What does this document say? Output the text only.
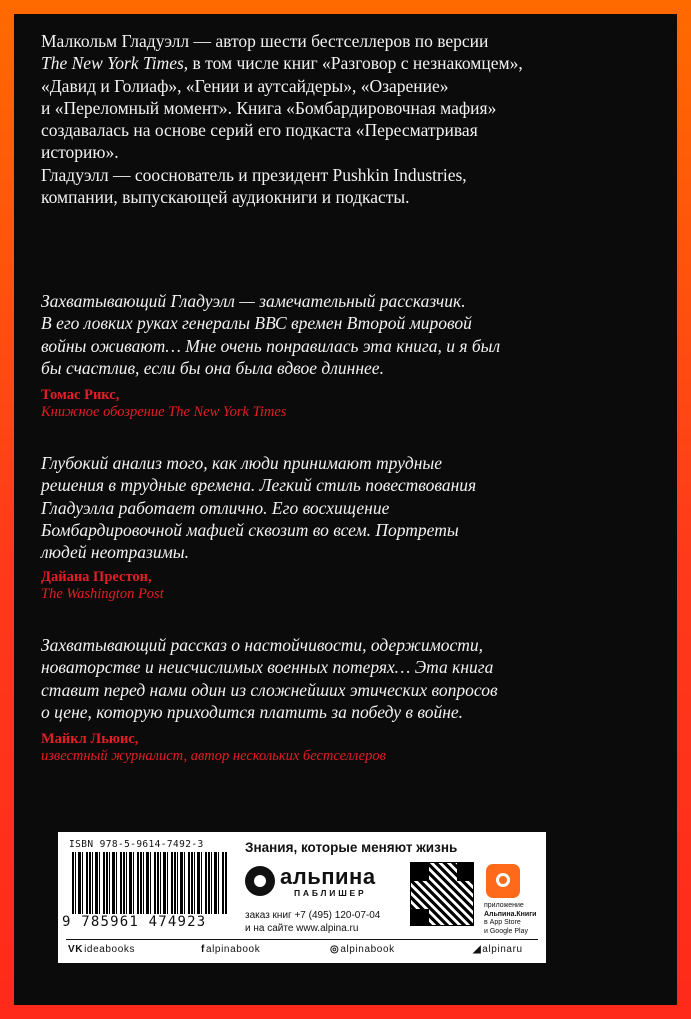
Малкольм Гладуэлл — автор шести бестселлеров по версии
The New York Times, в том числе книг «Разговор с незнакомцем»,
«Давид и Голиаф», «Гении и аутсайдеры», «Озарение»
и «Переломный момент». Книга «Бомбардировочная мафия»
создавалась на основе серий его подкаста «Пересматривая
историю».
Гладуэлл — сооснователь и президент Pushkin Industries,
компании, выпускающей аудиокниги и подкасты.
Захватывающий Гладуэлл — замечательный рассказчик.
В его ловких руках генералы ВВС времен Второй мировой
войны оживают… Мне очень понравилась эта книга, и я был
бы счастлив, если бы она была вдвое длиннее.
Томас Рикс,
Книжное обозрение The New York Times
Глубокий анализ того, как люди принимают трудные
решения в трудные времена. Легкий стиль повествования
Гладуэлла работает отлично. Его восхищение
Бомбардировочной мафией сквозит во всем. Портреты
людей неотразимы.
Дайана Престон,
The Washington Post
Захватывающий рассказ о настойчивости, одержимости,
новаторстве и неисчислимых военных потерях… Эта книга
ставит перед нами один из сложнейших этических вопросов
о цене, которую приходится платить за победу в войне.
Майкл Льюис,
известный журналист, автор нескольких бестселлеров
ISBN 978-5-9614-7492-3
9 785961 474923
Знания, которые меняют жизнь
альпина
ПАБЛИШЕР
заказ книг +7 (495) 120-07-04
и на сайте www.alpina.ru
приложение
Альпина.Книги
в App Store
и Google Play
VKideabooks	falpinabook	◎alpinabook	◢alpinaru
